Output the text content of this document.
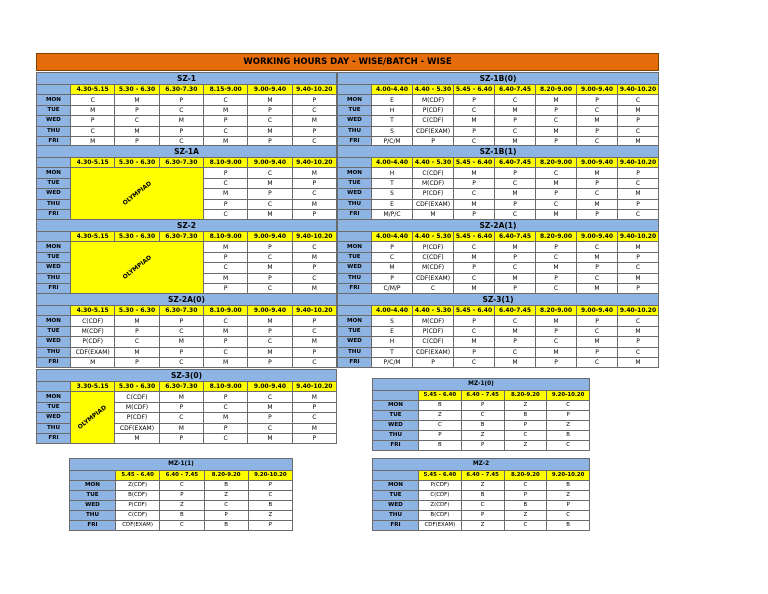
WORKING HOURS DAY - WISE/BATCH - WISE
SZ-1						
	4.30-5.15	5.30 - 6.30	6.30-7.30	8.15-9.00	9.00-9.40	9.40-10.20
MON	C	M	P	C	M	P
TUE	M	P	C	M	P	C
WED	P	C	M	P	C	M
THU	C	M	P	C	M	P
FRI	M	P	C	M	P	C
SZ-1B(0)							
	4.00-4.40	4.40 - 5.30	5.45 - 6.40	6.40-7.45	8.20-9.00	9.00-9.40	9.40-10.20
MON	E	M(CDF)	P	C	M	P	C
TUE	H	P(CDF)	C	M	P	C	M
WED	T	C(CDF)	M	P	C	M	P
THU	S	CDF(EXAM)	P	C	M	P	C
FRI	P/C/M	P	C	M	P	C	M
SZ-1A						
	4.30-5.15	5.30 - 6.30	6.30-7.30	8.10-9.00	9.00-9.40	9.40-10.20
MON	OLYMPIAD			P	C	M
TUE				C	M	P
WED				M	P	C
THU				P	C	M
FRI				C	M	P
SZ-1B(1)							
	4.00-4.40	4.40 - 5.30	5.45 - 6.40	6.40-7.45	8.20-9.00	9.00-9.40	9.40-10.20
MON	H	C(CDF)	M	P	C	M	P
TUE	T	M(CDF)	P	C	M	P	C
WED	S	P(CDF)	C	M	P	C	M
THU	E	CDF(EXAM)	M	P	C	M	P
FRI	M/P/C	M	P	C	M	P	C
SZ-2						
	4.30-5.15	5.30 - 6.30	6.30-7.30	8.10-9.00	9.00-9.40	9.40-10.20
MON	OLYMPIAD			M	P	C
TUE				P	C	M
WED				C	M	P
THU				M	P	C
FRI				P	C	M
SZ-2A(1)							
	4.00-4.40	4.40 - 5.30	5.45 - 6.40	6.40-7.45	8.20-9.00	9.00-9.40	9.40-10.20
MON	P	P(CDF)	C	M	P	C	M
TUE	C	C(CDF)	M	P	C	M	P
WED	M	M(CDF)	P	C	M	P	C
THU	P	CDF(EXAM)	C	M	P	C	M
FRI	C/M/P	C	M	P	C	M	P
SZ-2A(0)						
	4.30-5.15	5.30 - 6.30	6.30-7.30	8.10-9.00	9.00-9.40	9.40-10.20
MON	C(CDF)	M	P	C	M	P
TUE	M(CDF)	P	C	M	P	C
WED	P(CDF)	C	M	P	C	M
THU	CDF(EXAM)	M	P	C	M	P
FRI	M	P	C	M	P	C
SZ-3(1)							
	4.00-4.40	4.40 - 5.30	5.45 - 6.40	6.40-7.45	8.20-9.00	9.00-9.40	9.40-10.20
MON	S	M(CDF)	P	C	M	P	C
TUE	E	P(CDF)	C	M	P	C	M
WED	H	C(CDF)	M	P	C	M	P
THU	T	CDF(EXAM)	P	C	M	P	C
FRI	P/C/M	P	C	M	P	C	M
SZ-3(0)						
	3.30-5.15	5.30 - 6.30	6.30-7.30	8.10-9.00	9.00-9.40	9.40-10.20
MON	OLYMPIAD	C(CDF)	M	P	C	M
TUE		M(CDF)	P	C	M	P
WED		P(CDF)	C	M	P	C
THU		CDF(EXAM)	M	P	C	M
FRI		M	P	C	M	P
MZ-1(0)				
	5.45 - 6.40	6.40 - 7.45	8.20-9.20	9.20-10.20
MON	B	P	Z	C
TUE	Z	C	B	P
WED	C	B	P	Z
THU	P	Z	C	B
FRI	B	P	Z	C
MZ-1(1)				
	5.45 - 6.40	6.40 - 7.45	8.20-9.20	9.20-10.20
MON	Z(CDF)	C	B	P
TUE	B(CDF)	P	Z	C
WED	P(CDF)	Z	C	B
THU	C(CDF)	B	P	Z
FRI	CDF(EXAM)	C	B	P
MZ-2				
	5.45 - 6.40	6.40 - 7.45	8.20-9.20	9.20-10.20
MON	P(CDF)	Z	C	B
TUE	C(CDF)	B	P	Z
WED	Z(CDF)	C	B	P
THU	B(CDF)	P	Z	C
FRI	CDF(EXAM)	Z	C	B
